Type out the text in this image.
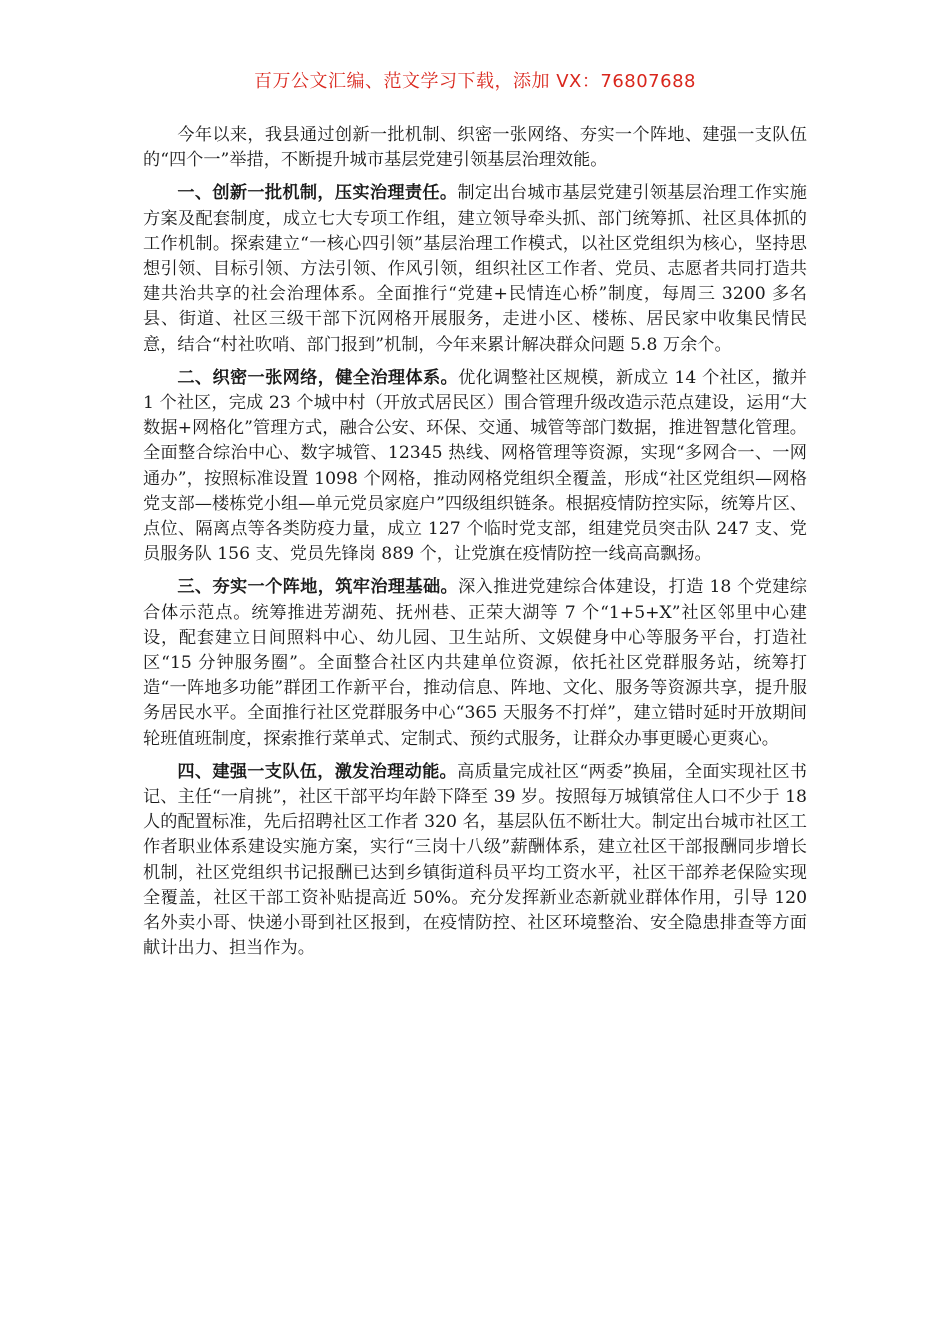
百万公文汇编、范文学习下载，添加 VX：76807688

今年以来，我县通过创新一批机制、织密一张网络、夯实一个阵地、建强一支队伍的“四个一”举措，不断提升城市基层党建引领基层治理效能。

一、创新一批机制，压实治理责任。制定出台城市基层党建引领基层治理工作实施方案及配套制度，成立七大专项工作组，建立领导牵头抓、部门统筹抓、社区具体抓的工作机制。探索建立“一核心四引领”基层治理工作模式，以社区党组织为核心，坚持思想引领、目标引领、方法引领、作风引领，组织社区工作者、党员、志愿者共同打造共建共治共享的社会治理体系。全面推行“党建+民情连心桥”制度，每周三 3200 多名县、街道、社区三级干部下沉网格开展服务，走进小区、楼栋、居民家中收集民情民意，结合“村社吹哨、部门报到”机制，今年来累计解决群众问题 5.8 万余个。

二、织密一张网络，健全治理体系。优化调整社区规模，新成立 14 个社区，撤并 1 个社区，完成 23 个城中村（开放式居民区）围合管理升级改造示范点建设，运用“大数据+网格化”管理方式，融合公安、环保、交通、城管等部门数据，推进智慧化管理。全面整合综治中心、数字城管、12345 热线、网格管理等资源，实现“多网合一、一网通办”，按照标准设置 1098 个网格，推动网格党组织全覆盖，形成“社区党组织—网格党支部—楼栋党小组—单元党员家庭户”四级组织链条。根据疫情防控实际，统筹片区、点位、隔离点等各类防疫力量，成立 127 个临时党支部，组建党员突击队 247 支、党员服务队 156 支、党员先锋岗 889 个，让党旗在疫情防控一线高高飘扬。

三、夯实一个阵地，筑牢治理基础。深入推进党建综合体建设，打造 18 个党建综合体示范点。统筹推进芳湖苑、抚州巷、正荣大湖等 7 个“1+5+X”社区邻里中心建设，配套建立日间照料中心、幼儿园、卫生站所、文娱健身中心等服务平台，打造社区“15 分钟服务圈”。全面整合社区内共建单位资源，依托社区党群服务站，统筹打造“一阵地多功能”群团工作新平台，推动信息、阵地、文化、服务等资源共享，提升服务居民水平。全面推行社区党群服务中心“365 天服务不打烊”，建立错时延时开放期间轮班值班制度，探索推行菜单式、定制式、预约式服务，让群众办事更暖心更爽心。

四、建强一支队伍，激发治理动能。高质量完成社区“两委”换届，全面实现社区书记、主任“一肩挑”，社区干部平均年龄下降至 39 岁。按照每万城镇常住人口不少于 18 人的配置标准，先后招聘社区工作者 320 名，基层队伍不断壮大。制定出台城市社区工作者职业体系建设实施方案，实行“三岗十八级”薪酬体系，建立社区干部报酬同步增长机制，社区党组织书记报酬已达到乡镇街道科员平均工资水平，社区干部养老保险实现全覆盖，社区干部工资补贴提高近 50%。充分发挥新业态新就业群体作用，引导 120 名外卖小哥、快递小哥到社区报到，在疫情防控、社区环境整治、安全隐患排查等方面献计出力、担当作为。
